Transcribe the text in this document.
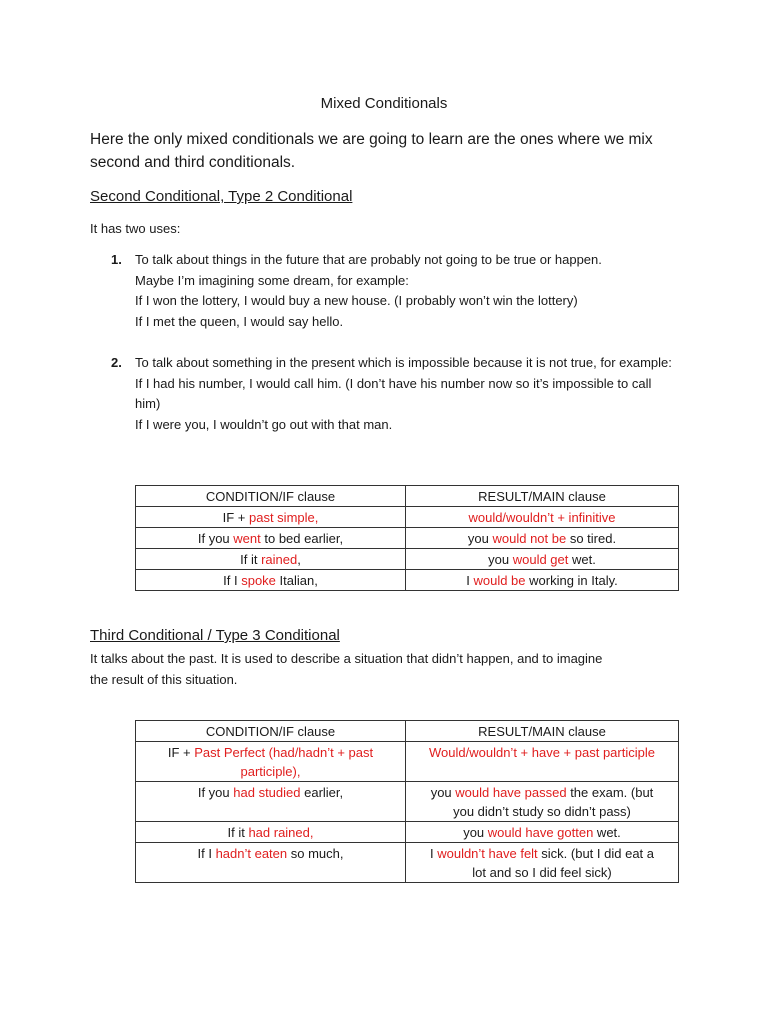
Mixed Conditionals
Here the only mixed conditionals we are going to learn are the ones where we mix second and third conditionals.
Second Conditional, Type 2 Conditional
It has two uses:
1. To talk about things in the future that are probably not going to be true or happen.
Maybe I’m imagining some dream, for example:
If I won the lottery, I would buy a new house. (I probably won’t win the lottery)
If I met the queen, I would say hello.
2. To talk about something in the present which is impossible because it is not true, for example:
If I had his number, I would call him. (I don’t have his number now so it’s impossible to call him)
If I were you, I wouldn’t go out with that man.
CONDITION/IF clause	RESULT/MAIN clause
IF + past simple,	would/wouldn’t + infinitive
If you went to bed earlier,	you would not be so tired.
If it rained,	you would get wet.
If I spoke Italian,	I would be working in Italy.
Third Conditional / Type 3 Conditional
It talks about the past. It is used to describe a situation that didn’t happen, and to imagine the result of this situation.
CONDITION/IF clause	RESULT/MAIN clause
IF + Past Perfect (had/hadn’t + past participle),	Would/wouldn’t + have + past participle
If you had studied earlier,	you would have passed the exam. (but you didn’t study so didn’t pass)
If it had rained,	you would have gotten wet.
If I hadn’t eaten so much,	I wouldn’t have felt sick. (but I did eat a lot and so I did feel sick)
